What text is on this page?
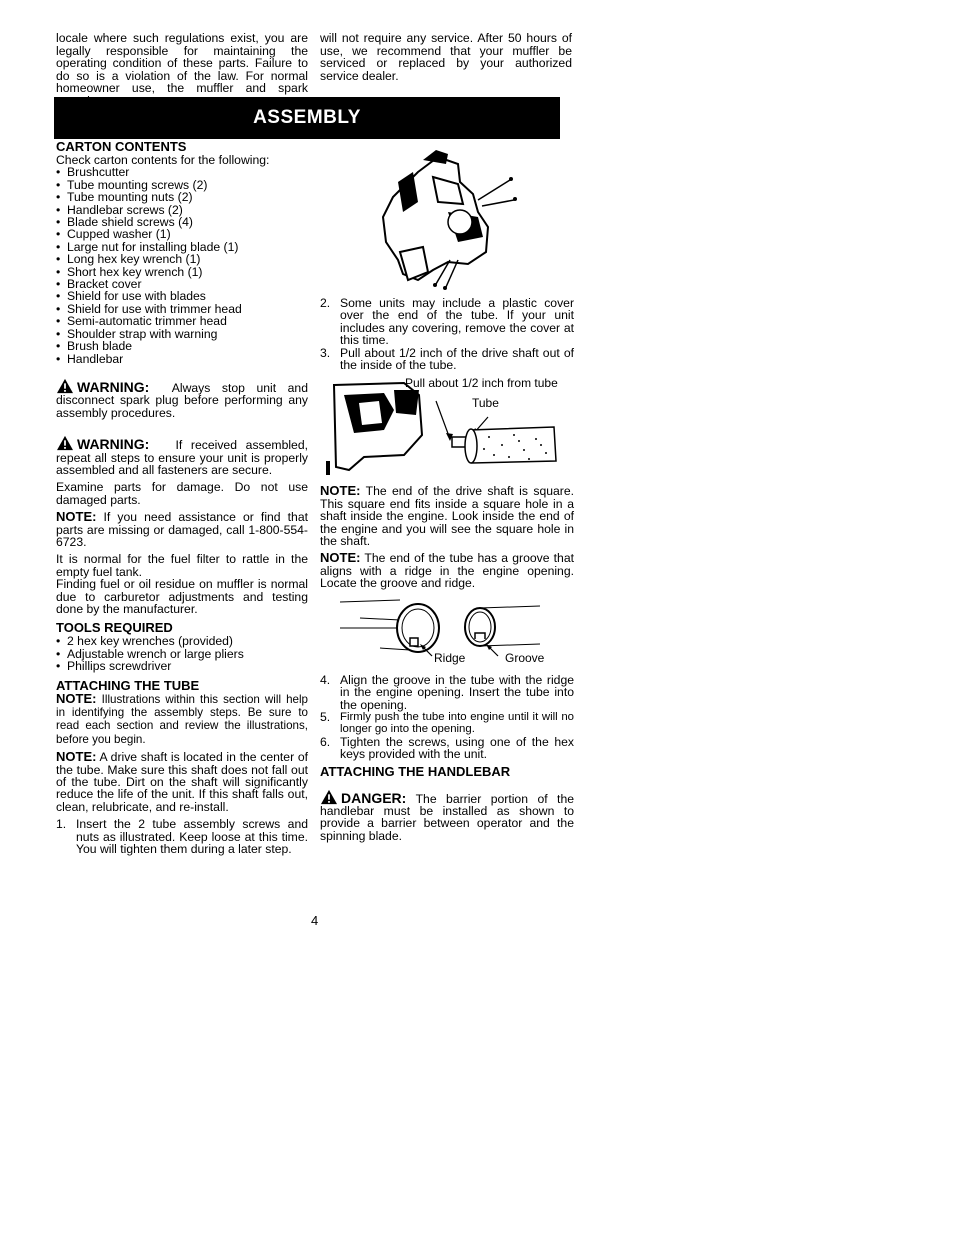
locale where such regulations exist, you are legally responsible for maintaining the operating condition of these parts. Failure to do so is a violation of the law. For normal homeowner use, the muffler and spark
will not require any service. After 50 hours of use, we recommend that your muffler be serviced or replaced by your authorized service dealer.
ASSEMBLY
CARTON CONTENTS

Check carton contents for the following:

• Brushcutter
• Tube mounting screws (2)
• Tube mounting nuts (2)
• Handlebar screws (2)
• Blade shield screws (4)
• Cupped washer (1)
• Large nut for installing blade (1)
• Long hex key wrench (1)
• Short hex key wrench (1)
• Bracket cover
• Shield for use with blades
• Shield for use with trimmer head
• Semi-automatic trimmer head
• Shoulder strap with warning
• Brush blade
• Handlebar

WARNING: Always stop unit and disconnect spark plug before performing any assembly procedures.

WARNING: If received assembled, repeat all steps to ensure your unit is properly assembled and all fasteners are secure.

Examine parts for damage. Do not use damaged parts.

NOTE: If you need assistance or find that parts are missing or damaged, call 1-800-554-6723.

It is normal for the fuel filter to rattle in the empty fuel tank.

Finding fuel or oil residue on muffler is normal due to carburetor adjustments and testing done by the manufacturer.

TOOLS REQUIRED
• 2 hex key wrenches (provided)
• Adjustable wrench or large pliers
• Phillips screwdriver
ATTACHING THE TUBE

NOTE: Illustrations within this section will help in identifying the assembly steps. Be sure to read each section and review the illustrations, before you begin.

NOTE: A drive shaft is located in the center of the tube. Make sure this shaft does not fall out of the tube. Dirt on the shaft will significantly reduce the life of the unit. If this shaft falls out, clean, relubricate, and re-install.

1. Insert the 2 tube assembly screws and nuts as illustrated. Keep loose at this time. You will tighten them during a later step.
2. Some units may include a plastic cover over the end of the tube. If your unit includes any covering, remove the cover at this time.
3. Pull about 1/2 inch of the drive shaft out of the inside of the tube.
Pull about 1/2 inch from tube
Tube

NOTE: The end of the drive shaft is square. This square end fits inside a square hole in a shaft inside the engine. Look inside the end of the engine and you will see the square hole in the shaft.

NOTE: The end of the tube has a groove that aligns with a ridge in the engine opening. Locate the groove and ridge.

Ridge	Groove
4. Align the groove in the tube with the ridge in the engine opening. Insert the tube into the opening.
5. Firmly push the tube into engine until it will no longer go into the opening.
6. Tighten the screws, using one of the hex keys provided with the unit.
ATTACHING THE HANDLEBAR

DANGER: The barrier portion of the handlebar must be installed as shown to provide a barrier between operator and the spinning blade.

4
